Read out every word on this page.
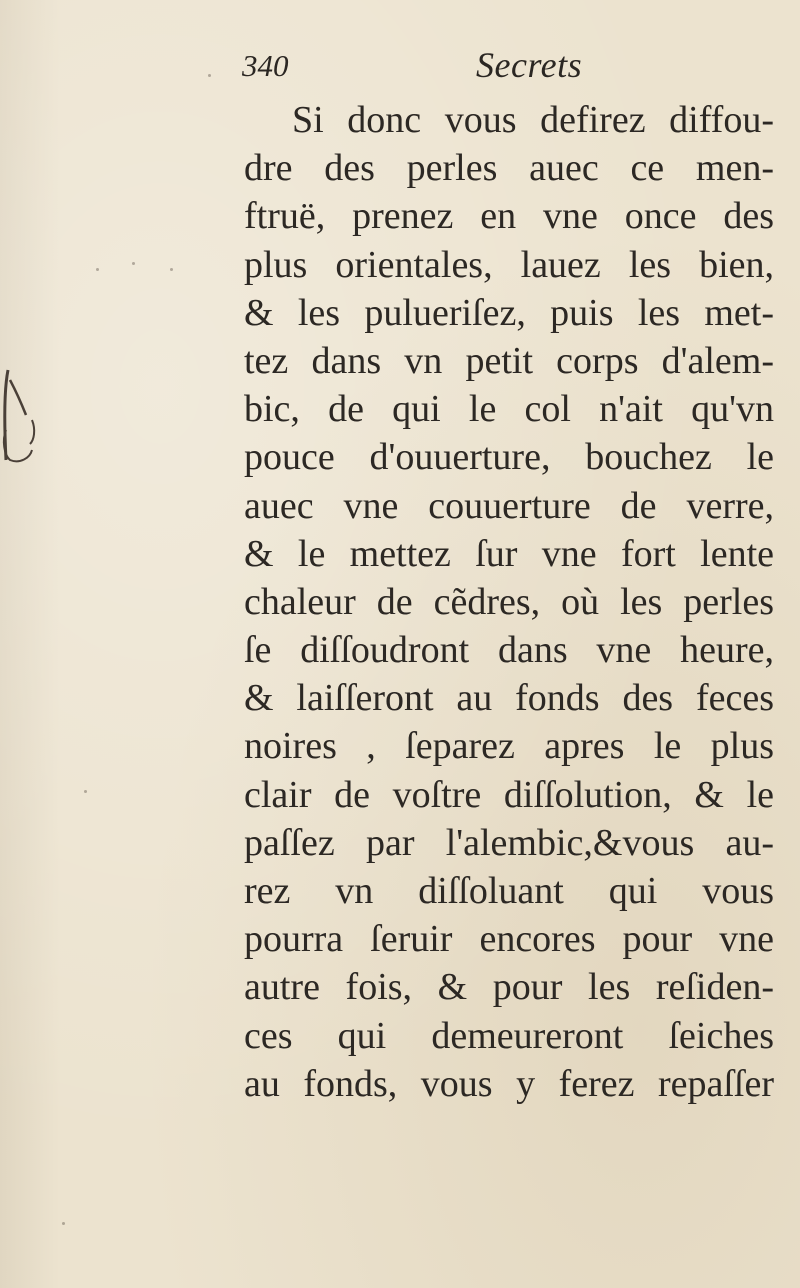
340	Secrets
Si donc vous defirez diffou-
dre des perles auec ce men-
ftruë, prenez en vne once des
plus orientales, lauez les bien,
& les pulueriſez, puis les met-
tez dans vn petit corps d'alem-
bic, de qui le col n'ait qu'vn
pouce d'ouuerture, bouchez le
auec vne couuerture de verre,
& le mettez ſur vne fort lente
chaleur de cẽdres, où les perles
ſe diſſoudront dans vne heure,
& laiſſeront au fonds des feces
noires , ſeparez apres le plus
clair de voſtre diſſolution, & le
paſſez par l'alembic,&vous au-
rez vn diſſoluant qui vous
pourra ſeruir encores pour vne
autre fois, & pour les reſiden-
ces qui demeureront ſeiches
au fonds, vous y ferez repaſſer
